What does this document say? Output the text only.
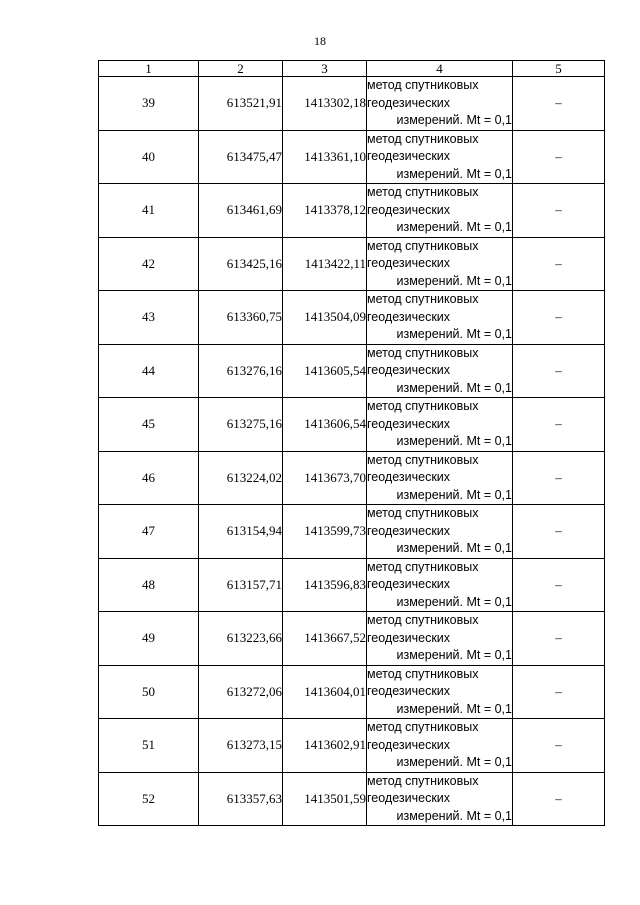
18
1	2	3	4	5
39	613521,91	1413302,18	метод спутниковых
геодезических
измерений. Mt = 0,1	–
40	613475,47	1413361,10	метод спутниковых
геодезических
измерений. Mt = 0,1	–
41	613461,69	1413378,12	метод спутниковых
геодезических
измерений. Mt = 0,1	–
42	613425,16	1413422,11	метод спутниковых
геодезических
измерений. Mt = 0,1	–
43	613360,75	1413504,09	метод спутниковых
геодезических
измерений. Mt = 0,1	–
44	613276,16	1413605,54	метод спутниковых
геодезических
измерений. Mt = 0,1	–
45	613275,16	1413606,54	метод спутниковых
геодезических
измерений. Mt = 0,1	–
46	613224,02	1413673,70	метод спутниковых
геодезических
измерений. Mt = 0,1	–
47	613154,94	1413599,73	метод спутниковых
геодезических
измерений. Mt = 0,1	–
48	613157,71	1413596,83	метод спутниковых
геодезических
измерений. Mt = 0,1	–
49	613223,66	1413667,52	метод спутниковых
геодезических
измерений. Mt = 0,1	–
50	613272,06	1413604,01	метод спутниковых
геодезических
измерений. Mt = 0,1	–
51	613273,15	1413602,91	метод спутниковых
геодезических
измерений. Mt = 0,1	–
52	613357,63	1413501,59	метод спутниковых
геодезических
измерений. Mt = 0,1	–
